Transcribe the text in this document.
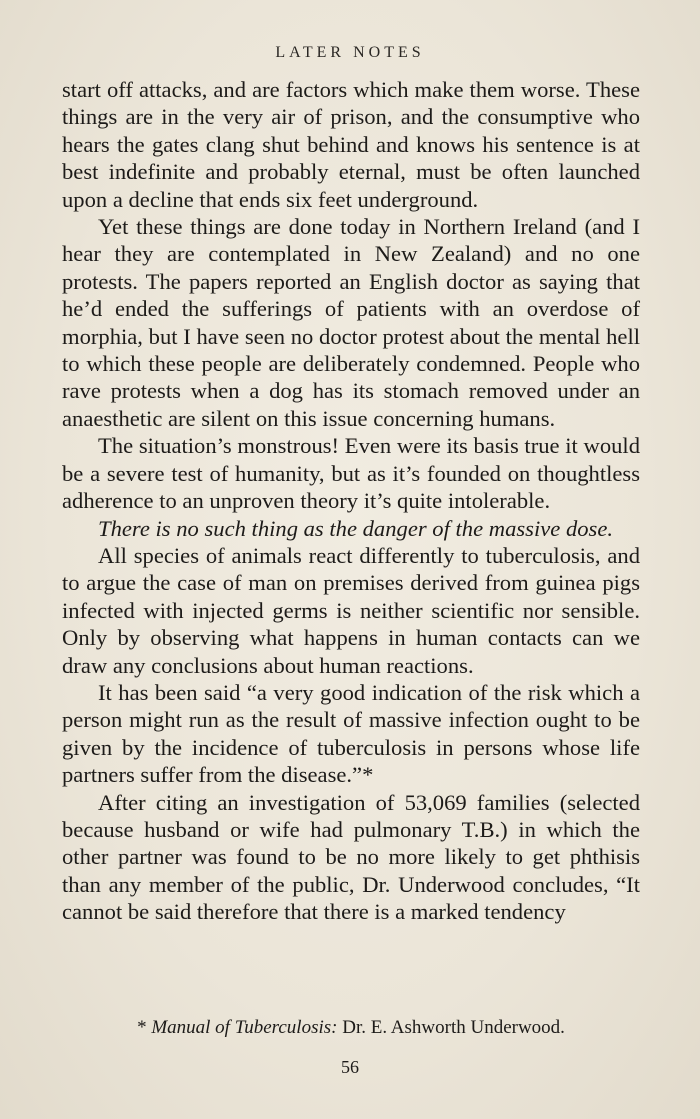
LATER NOTES

start off attacks, and are factors which make them worse. These things are in the very air of prison, and the consumptive who hears the gates clang shut behind and knows his sentence is at best indefinite and probably eternal, must be often launched upon a decline that ends six feet underground.

Yet these things are done today in Northern Ireland (and I hear they are contemplated in New Zealand) and no one protests. The papers reported an English doctor as saying that he’d ended the sufferings of patients with an overdose of morphia, but I have seen no doctor protest about the mental hell to which these people are deliberately condemned. People who rave protests when a dog has its stomach removed under an anaesthetic are silent on this issue concerning humans.

The situation’s monstrous! Even were its basis true it would be a severe test of humanity, but as it’s founded on thoughtless adherence to an unproven theory it’s quite intolerable.

There is no such thing as the danger of the massive dose.

All species of animals react differently to tuberculosis, and to argue the case of man on premises derived from guinea pigs infected with injected germs is neither scientific nor sensible. Only by observing what happens in human contacts can we draw any conclusions about human reactions.

It has been said “a very good indication of the risk which a person might run as the result of massive infection ought to be given by the incidence of tuberculosis in persons whose life partners suffer from the disease.”*

After citing an investigation of 53,069 families (selected because husband or wife had pulmonary T.B.) in which the other partner was found to be no more likely to get phthisis than any member of the public, Dr. Underwood concludes, “It cannot be said therefore that there is a marked tendency

* Manual of Tuberculosis: Dr. E. Ashworth Underwood.
56
